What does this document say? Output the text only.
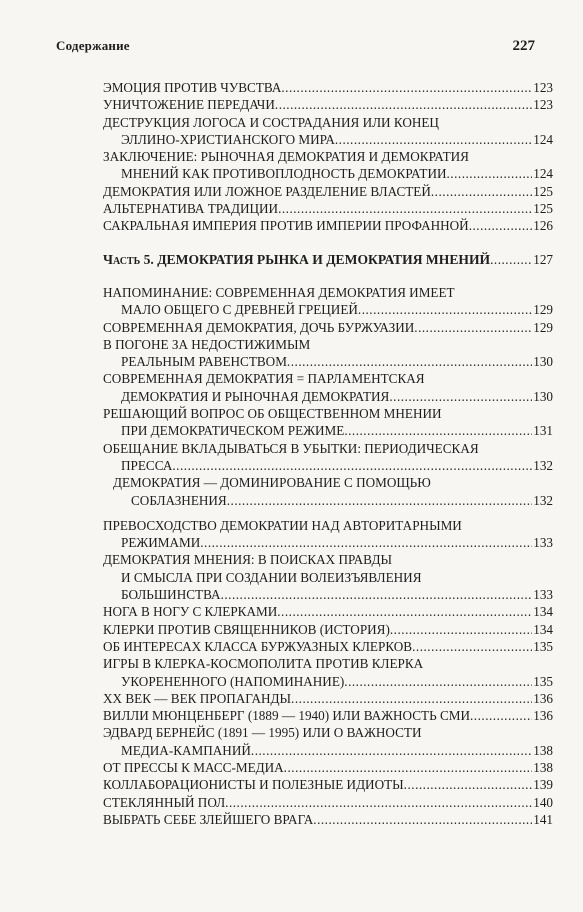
Содержание	227
ЭМОЦИЯ ПРОТИВ ЧУВСТВА .....	123
УНИЧТОЖЕНИЕ ПЕРЕДАЧИ .....	123
ДЕСТРУКЦИЯ ЛОГОСА И СОСТРАДАНИЯ ИЛИ КОНЕЦ
ЭЛЛИНО-ХРИСТИАНСКОГО МИРА .....	124
ЗАКЛЮЧЕНИЕ: РЫНОЧНАЯ ДЕМОКРАТИЯ И ДЕМОКРАТИЯ
МНЕНИЙ КАК ПРОТИВОПЛОДНОСТЬ ДЕМОКРАТИИ .....	124
ДЕМОКРАТИЯ ИЛИ ЛОЖНОЕ РАЗДЕЛЕНИЕ ВЛАСТЕЙ .....	125
АЛЬТЕРНАТИВА ТРАДИЦИИ .....	125
САКРАЛЬНАЯ ИМПЕРИЯ ПРОТИВ ИМПЕРИИ ПРОФАННОЙ .....	126
Часть 5. ДЕМОКРАТИЯ РЫНКА И ДЕМОКРАТИЯ МНЕНИЙ .....	127
НАПОМИНАНИЕ: СОВРЕМЕННАЯ ДЕМОКРАТИЯ ИМЕЕТ
МАЛО ОБЩЕГО С ДРЕВНЕЙ ГРЕЦИЕЙ .....	129
СОВРЕМЕННАЯ ДЕМОКРАТИЯ, ДОЧЬ БУРЖУАЗИИ .....	129
В ПОГОНЕ ЗА НЕДОСТИЖИМЫМ
РЕАЛЬНЫМ РАВЕНСТВОМ .....	130
СОВРЕМЕННАЯ ДЕМОКРАТИЯ = ПАРЛАМЕНТСКАЯ
ДЕМОКРАТИЯ И РЫНОЧНАЯ ДЕМОКРАТИЯ .....	130
РЕШАЮЩИЙ ВОПРОС ОБ ОБЩЕСТВЕННОМ МНЕНИИ
ПРИ ДЕМОКРАТИЧЕСКОМ РЕЖИМЕ .....	131
ОБЕЩАНИЕ ВКЛАДЫВАТЬСЯ В УБЫТКИ: ПЕРИОДИЧЕСКАЯ
ПРЕССА .....	132
ДЕМОКРАТИЯ — ДОМИНИРОВАНИЕ С ПОМОЩЬЮ
СОБЛАЗНЕНИЯ .....	132
ПРЕВОСХОДСТВО ДЕМОКРАТИИ НАД АВТОРИТАРНЫМИ
РЕЖИМАМИ .....	133
ДЕМОКРАТИЯ МНЕНИЯ: В ПОИСКАХ ПРАВДЫ
И СМЫСЛА ПРИ СОЗДАНИИ ВОЛЕИЗЪЯВЛЕНИЯ
БОЛЬШИНСТВА .....	133
НОГА В НОГУ С КЛЕРКАМИ .....	134
КЛЕРКИ ПРОТИВ СВЯЩЕННИКОВ (ИСТОРИЯ) .....	134
ОБ ИНТЕРЕСАХ КЛАССА БУРЖУАЗНЫХ КЛЕРКОВ .....	135
ИГРЫ В КЛЕРКА-КОСМОПОЛИТА ПРОТИВ КЛЕРКА
УКОРЕНЕННОГО (НАПОМИНАНИЕ) .....	135
XX ВЕК — ВЕК ПРОПАГАНДЫ .....	136
ВИЛЛИ МЮНЦЕНБЕРГ (1889 — 1940) ИЛИ ВАЖНОСТЬ СМИ .....	136
ЭДВАРД БЕРНЕЙС (1891 — 1995) ИЛИ О ВАЖНОСТИ
МЕДИА-КАМПАНИЙ .....	138
ОТ ПРЕССЫ К МАСС-МЕДИА .....	138
КОЛЛАБОРАЦИОНИСТЫ И ПОЛЕЗНЫЕ ИДИОТЫ .....	139
СТЕКЛЯННЫЙ ПОЛ .....	140
ВЫБРАТЬ СЕБЕ ЗЛЕЙШЕГО ВРАГА .....	141
